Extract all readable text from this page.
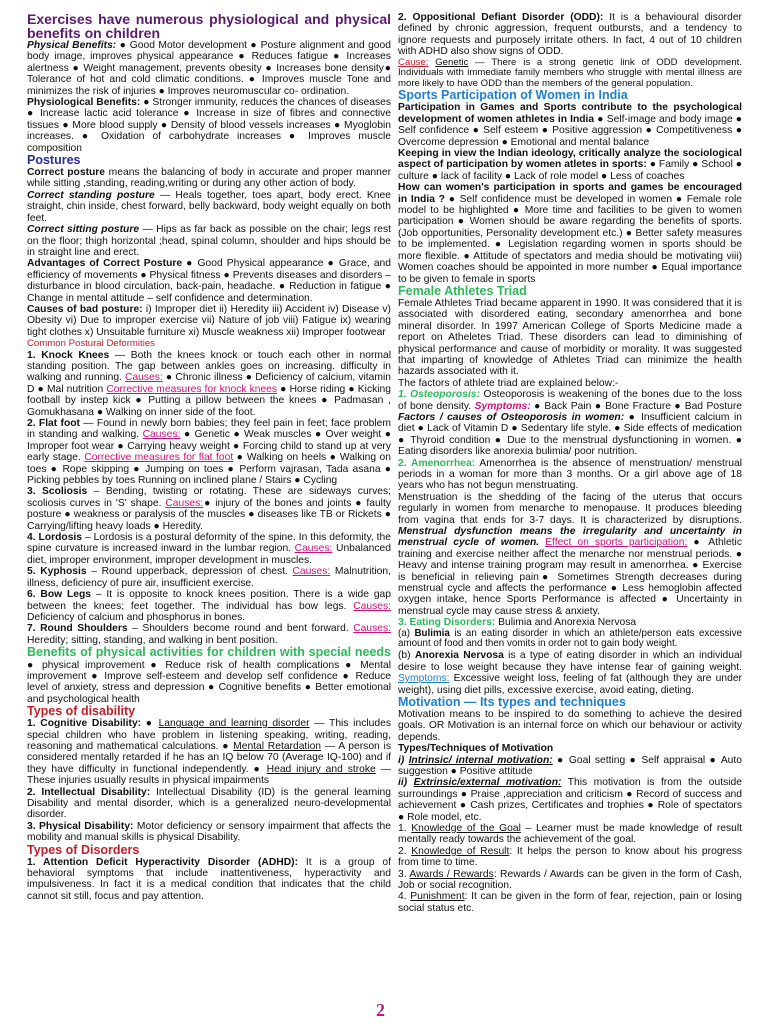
Exercises have numerous physiological and physical benefits on children

Physical Benefits: ● Good Motor development ● Posture alignment and good body image, improves physical appearance ● Reduces fatigue ● Increases alertness ● Weight management, prevents obesity ● Increases bone density● Tolerance of hot and cold climatic conditions. ● Improves muscle Tone and minimizes the risk of injuries ● Improves neuromuscular co- ordination.

Physiological Benefits: ● Stronger immunity, reduces the chances of diseases ● Increase lactic acid tolerance ● Increase in size of fibres and connective tissues ● More blood supply ● Density of blood vessels increases ● Myoglobin increases. ● Oxidation of carbohydrate increases ● Improves muscle composition

Postures

Correct posture means the balancing of body in accurate and proper manner while sitting ,standing, reading,writing or during any other action of body.

Correct standing posture — Heals together, toes apart, body erect. Knee straight, chin inside, chest forward, belly backward, body weight equally on both feet.

Correct sitting posture — Hips as far back as possible on the chair; legs rest on the floor; thigh horizontal ;head, spinal column, shoulder and hips should be in straight line and erect.

Advantages of Correct Posture ● Good Physical appearance ● Grace, and efficiency of movements ● Physical fitness ● Prevents diseases and disorders – disturbance in blood circulation, back-pain, headache. ● Reduction in fatigue ● Change in mental attitude – self confidence and determination.

Causes of bad posture: i) Improper diet ii) Heredity iii) Accident iv) Disease v) Obesity vi) Due to improper exercise vii) Nature of job viii) Fatigue ix) wearing tight clothes x) Unsuitable furniture xi) Muscle weakness xii) Improper footwear

Common Postural Deformities

1. Knock Knees — Both the knees knock or touch each other in normal standing position. The gap between ankles goes on increasing. difficulty in walking and running. Causes: ● Chronic illness ● Deficiency of calcium, vitamin D ● Mal nutrition Corrective measures for knock knees ● Horse riding ● Kicking football by instep kick ● Putting a pillow between the knees ● Padmasan , Gomukhasana ● Walking on inner side of the foot.

2. Flat foot — Found in newly born babies; they feel pain in feet; face problem in standing and walking. Causes: ● Genetic ● Weak muscles ● Over weight ● Improper foot wear ● Carrying heavy weight ● Forcing child to stand up at very early stage. Corrective measures for flat foot ● Walking on heels ● Walking on toes ● Rope skipping ● Jumping on toes ● Perform vajrasan, Tada asana ● Picking pebbles by toes Running on inclined plane / Stairs ● Cycling

3. Scoliosis – Bending, twisting or rotating. These are sideways curves; scoliosis curves in 'S' shape. Causes:● injury of the bones and joints ● faulty posture ● weakness or paralysis of the muscles ● diseases like TB or Rickets ● Carrying/lifting heavy loads ● Heredity.

4. Lordosis – Lordosis is a postural deformity of the spine. In this deformity, the spine curvature is increased inward in the lumbar region. Causes: Unbalanced diet, improper environment, improper development in muscles.

5. Kyphosis – Round upperback, depression of chest. Causes: Malnutrition, illness, deficiency of pure air, insufficient exercise.

6. Bow Legs – It is opposite to knock knees position. There is a wide gap between the knees; feet together. The individual has bow legs. Causes: Deficiency of calcium and phosphorus in bones.

7. Round Shoulders – Shoulders become round and bent forward. Causes: Heredity; sitting, standing, and walking in bent position.

Benefits of physical activities for children with special needs ● physical improvement ● Reduce risk of health complications ● Mental improvement ● Improve self-esteem and develop self confidence ● Reduce level of anxiety, stress and depression ● Cognitive benefits ● Better emotional and psychological health

Types of disability

1. Cognitive Disability: ● Language and learning disorder — This includes special children who have problem in listening speaking, writing, reading, reasoning and mathematical calculations. ● Mental Retardation — A person is considered mentally retarded if he has an IQ below 70 (Average IQ-100) and if they have difficulty in functional independently. ● Head injury and stroke — These injuries usually results in physical impairments

2. Intellectual Disability: Intellectual Disability (ID) is the general learning Disability and mental disorder, which is a generalized neuro-developmental disorder.

3. Physical Disability: Motor deficiency or sensory impairment that affects the mobility and manual skills is physical Disability.

Types of Disorders

1. Attention Deficit Hyperactivity Disorder (ADHD): It is a group of behavioral symptoms that include inattentiveness, hyperactivity and impulsiveness. In fact it is a medical condition that indicates that the child cannot sit still, focus and pay attention.

2. Oppositional Defiant Disorder (ODD): It is a behavioural disorder defined by chronic aggression, frequent outbursts, and a tendency to ignore requests and purposely irritate others. In fact, 4 out of 10 children with ADHD also show signs of ODD.

Cause: Genetic — There is a strong genetic link of ODD development. Individuals with immediate family members who struggle with mental illness are more likely to have ODD than the members of the general population.

Sports Participation of Women in India

Participation in Games and Sports contribute to the psychological development of women athletes in India ● Self-image and body image ● Self confidence ● Self esteem ● Positive aggression ● Competitiveness ● Overcome depression ● Emotional and mental balance

Keeping in view the Indian ideology, critically analyze the sociological aspect of participation by women atletes in sports: ● Family ● School ● culture ● lack of facility ● Lack of role model ● Less of coaches

How can women's participation in sports and games be encouraged in India ? ● Self confidence must be developed in women ● Female role model to be highlighted ● More time and facilities to be given to women participation ● Women should be aware regarding the benefits of sports.(Job opportunities, Personality development etc.) ● Better safety measures to be implemented. ● Legislation regarding women in sports should be more flexible. ● Attitude of spectators and media should be motivating viii) Women coaches should be appointed in more number ● Equal importance to be given to female in sports

Female Athletes Triad

Female Athletes Triad became apparent in 1990. It was considered that it is associated with disordered eating, secondary amenorrhea and bone mineral disorder. In 1997 American College of Sports Medicine made a report on Atheletes Triad. These disorders can lead to diminishing of physical performance and cause of morbidity or morality. It was suggested that imparting of knowledge of Athletes Triad can minimize the health hazards associated with it.

The factors of athlete triad are explained below:-

1. Osteoporosis: Osteoporosis is weakening of the bones due to the loss of bone density. Symptoms: ● Back Pain ● Bone Fracture ● Bad Posture Factors / causes of Osteoporosis in women: ● Insufficient calcium in diet ● Lack of Vitamin D ● Sedentary life style. ● Side effects of medication ● Thyroid condition ● Due to the menstrual dysfunctioning in women. ● Eating disorders like anorexia bulimia/ poor nutrition.

2. Amenorrhea: Amenorrhea is the absence of menstruation/ menstrual periods in a woman for more than 3 months. Or a girl above age of 18 years who has not begun menstruating.

Menstruation is the shedding of the facing of the uterus that occurs regularly in women from menarche to menopause. It produces bleeding from vagina that ends for 3-7 days. It is characterized by disruptions. Menstrual dysfunction means the irregularity and uncertainty in menstrual cycle of women. Effect on sports participation: ● Athletic training and exercise neither affect the menarche nor menstrual periods. ● Heavy and intense training program may result in amenorrhea. ● Exercise is beneficial in relieving pain● Sometimes Strength decreases during menstrual cycle and affects the performance ● Less hemoglobin affected oxygen intake, hence Sports Performance is affected ● Uncertainty in menstrual cycle may cause stress & anxiety.

3. Eating Disorders: Bulimia and Anorexia Nervosa

(a) Bulimia is an eating disorder in which an athlete/person eats excessive amount of food and then vomits in order not to gain body weight.

(b) Anorexia Nervosa is a type of eating disorder in which an individual desire to lose weight because they have intense fear of gaining weight. Symptoms: Excessive weight loss, feeling of fat (although they are under weight), using diet pills, excessive exercise, avoid eating, dieting.

Motivation — Its types and techniques

Motivation means to be inspired to do something to achieve the desired goals. OR Motivation is an internal force on which our behaviour or activity depends.

Types/Techniques of Motivation

i) Intrinsic/ internal motivation: ● Goal setting ● Self appraisal ● Auto suggestion ● Positive attitude

ii) Extrinsic/external motivation: This motivation is from the outside surroundings ● Praise ,appreciation and criticism ● Record of success and achievement ● Cash prizes, Certificates and trophies ● Role of spectators ● Role model, etc.

1. Knowledge of the Goal – Learner must be made knowledge of result mentally ready towards the achievement of the goal.

2. Knowledge of Result: It helps the person to know about his progress from time to time.

3. Awards / Rewards: Rewards / Awards can be given in the form of Cash, Job or social recognition.

4. Punishment: It can be given in the form of fear, rejection, pain or losing social status etc.

2
